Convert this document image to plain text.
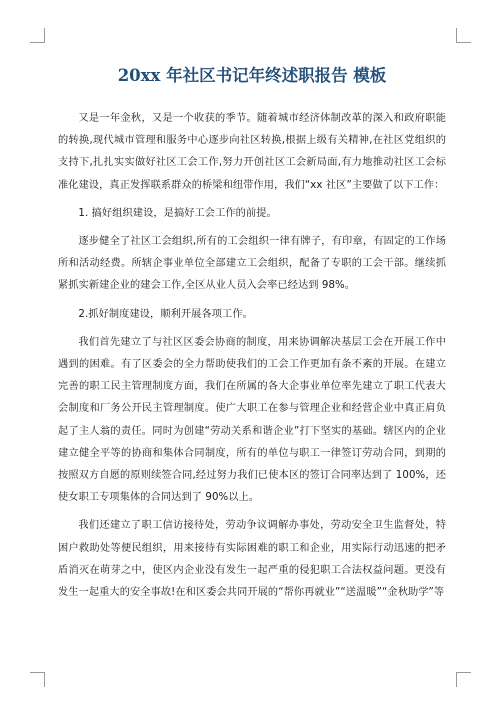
20xx 年社区书记年终述职报告 模板

又是一年金秋，又是一个收获的季节。随着城市经济体制改革的深入和政府职能的转换,现代城市管理和服务中心逐步向社区转换,根据上级有关精神,在社区党组织的支持下,扎扎实实做好社区工会工作,努力开创社区工会新局面,有力地推动社区工会标准化建设，真正发挥联系群众的桥梁和纽带作用，我们“xx 社区”主要做了以下工作：

1. 搞好组织建设，是搞好工会工作的前提。

逐步健全了社区工会组织,所有的工会组织一律有牌子，有印章，有固定的工作场所和活动经费。所辖企事业单位全部建立工会组织，配备了专职的工会干部。继续抓紧抓实新建企业的建会工作,全区从业人员入会率已经达到 98%。

2.抓好制度建设，顺利开展各项工作。

我们首先建立了与社区区委会协商的制度，用来协调解决基层工会在开展工作中遇到的困难。有了区委会的全力帮助使我们的工会工作更加有条不紊的开展。在建立完善的职工民主管理制度方面，我们在所属的各大企事业单位率先建立了职工代表大会制度和厂务公开民主管理制度。使广大职工在参与管理企业和经营企业中真正肩负起了主人翁的责任。同时为创建“劳动关系和谐企业”打下坚实的基础。辖区内的企业建立健全平等的协商和集体合同制度，所有的单位与职工一律签订劳动合同，到期的按照双方自愿的原则续签合同,经过努力我们已使本区的签订合同率达到了 100%，还使女职工专项集体的合同达到了 90%以上。

我们还建立了职工信访接待处，劳动争议调解办事处，劳动安全卫生监督处，特困户救助处等便民组织，用来接待有实际困难的职工和企业，用实际行动迅速的把矛盾消灭在萌芽之中，使区内企业没有发生一起严重的侵犯职工合法权益问题。更没有发生一起重大的安全事故!在和区委会共同开展的“帮你再就业”“送温暖”“金秋助学”等
